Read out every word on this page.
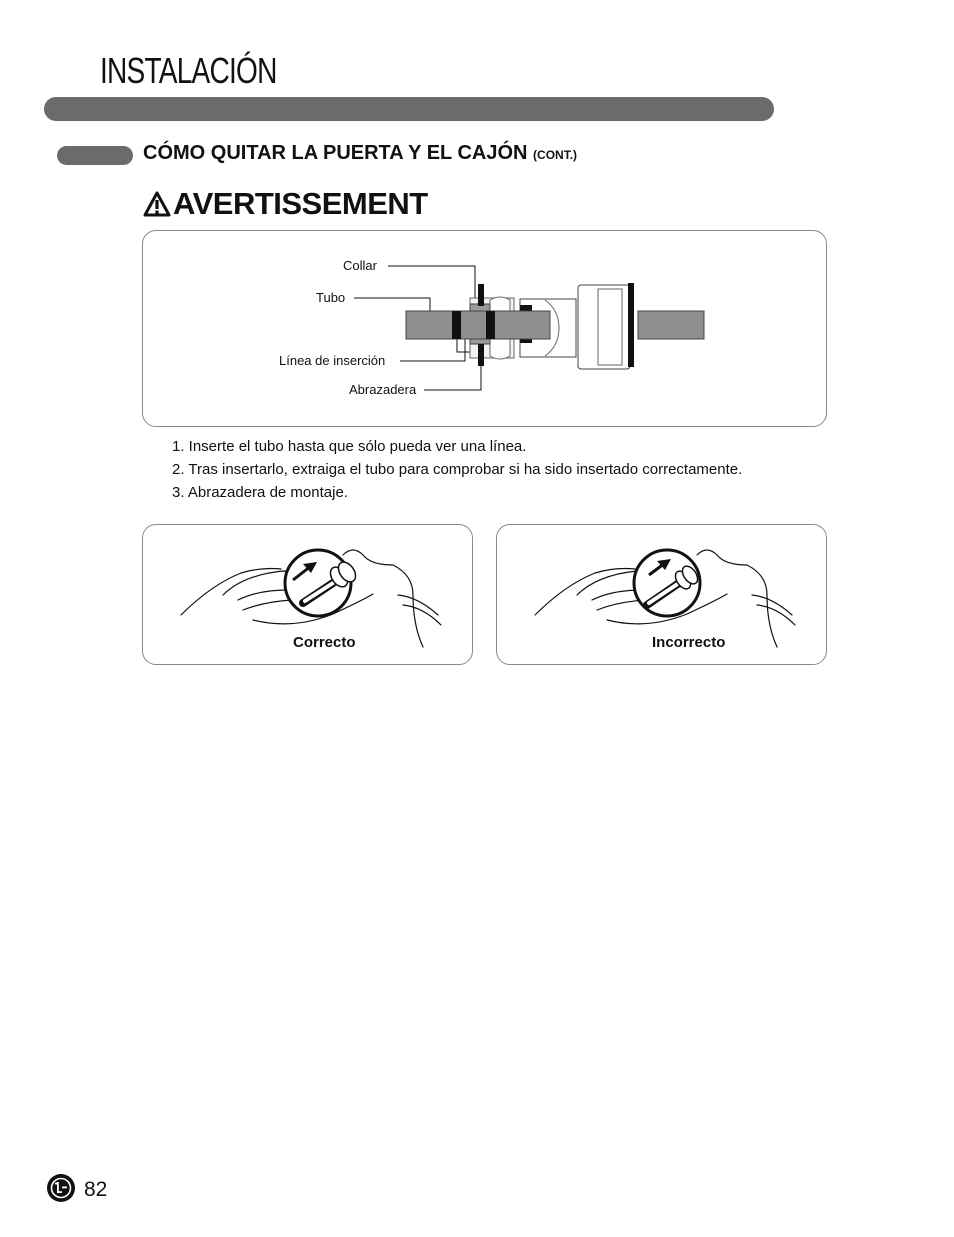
INSTALACIÓN
CÓMO QUITAR LA PUERTA Y EL CAJÓN (CONT.)
AVERTISSEMENT
Collar
Tubo
Línea de inserción
Abrazadera
1. Inserte el tubo hasta que sólo pueda ver una línea.
2. Tras insertarlo, extraiga el tubo para comprobar si ha sido insertado correctamente.
3. Abrazadera de montaje.
Correcto	Incorrecto
82
